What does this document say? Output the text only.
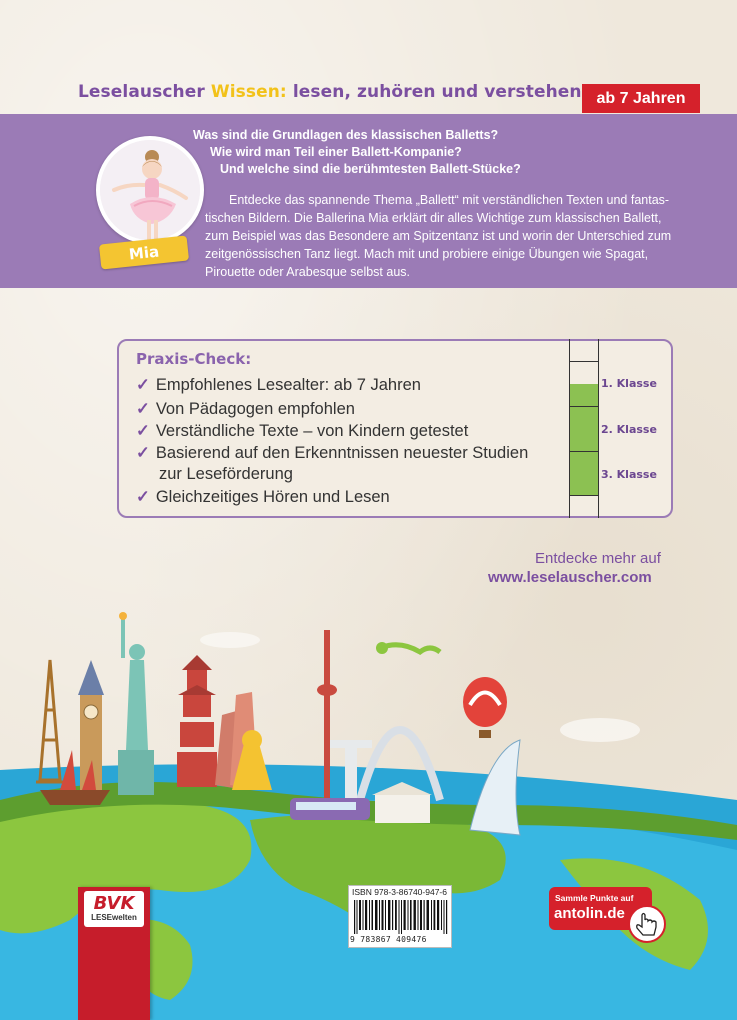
Leselauscher Wissen: lesen, zuhören und verstehen ab 7 Jahren
Mia
Was sind die Grundlagen des klassischen Balletts?
Wie wird man Teil einer Ballett-Kompanie?
Und welche sind die berühmtesten Ballett-Stücke?
Entdecke das spannende Thema „Ballett“ mit verständlichen Texten und fantas-
tischen Bildern. Die Ballerina Mia erklärt dir alles Wichtige zum klassischen Ballett,
zum Beispiel was das Besondere am Spitzentanz ist und worin der Unterschied zum
zeitgenössischen Tanz liegt. Mach mit und probiere einige Übungen wie Spagat,
Pirouette oder Arabesque selbst aus.
Praxis-Check:
✓ Empfohlenes Lesealter: ab 7 Jahren
✓ Von Pädagogen empfohlen
✓ Verständliche Texte – von Kindern getestet
✓ Basierend auf den Erkenntnissen neuester Studien
zur Leseförderung
✓ Gleichzeitiges Hören und Lesen
1. Klasse
2. Klasse
3. Klasse
Entdecke mehr auf
www.leselauscher.com
BVK
LESEwelten
ISBN 978-3-86740-947-6
9 783867 409476
Sammle Punkte auf
antolin.de
